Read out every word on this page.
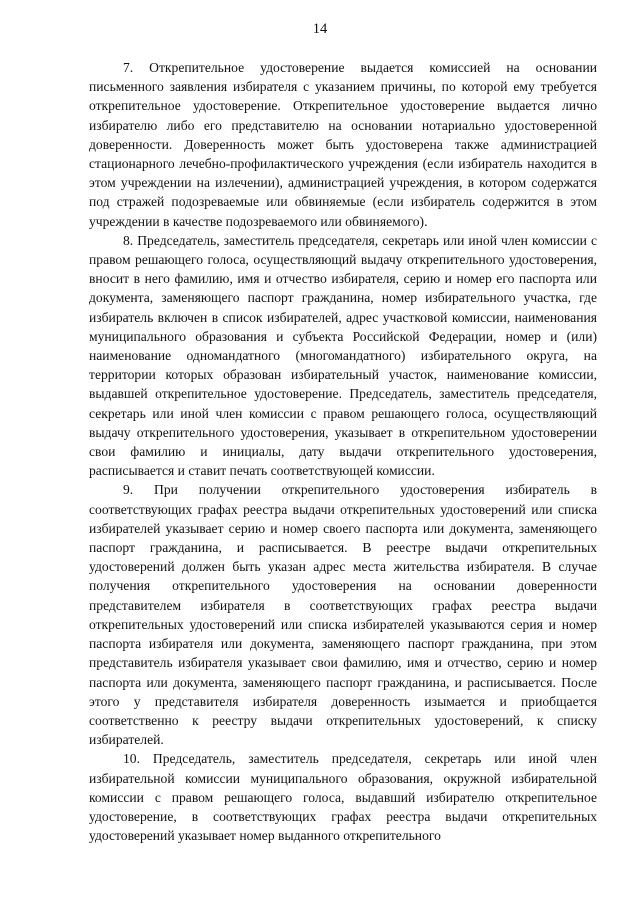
14

7. Открепительное удостоверение выдается комиссией на основании письменного заявления избирателя с указанием причины, по которой ему требуется открепительное удостоверение. Открепительное удостоверение выдается лично избирателю либо его представителю на основании нотариально удостоверенной доверенности. Доверенность может быть удостоверена также администрацией стационарного лечебно-профилактического учреждения (если избиратель находится в этом учреждении на излечении), администрацией учреждения, в котором содержатся под стражей подозреваемые или обвиняемые (если избиратель содержится в этом учреждении в качестве подозреваемого или обвиняемого).

8. Председатель, заместитель председателя, секретарь или иной член комиссии с правом решающего голоса, осуществляющий выдачу открепительного удостоверения, вносит в него фамилию, имя и отчество избирателя, серию и номер его паспорта или документа, заменяющего паспорт гражданина, номер избирательного участка, где избиратель включен в список избирателей, адрес участковой комиссии, наименования муниципального образования и субъекта Российской Федерации, номер и (или) наименование одномандатного (многомандатного) избирательного округа, на территории которых образован избирательный участок, наименование комиссии, выдавшей открепительное удостоверение. Председатель, заместитель председателя, секретарь или иной член комиссии с правом решающего голоса, осуществляющий выдачу открепительного удостоверения, указывает в открепительном удостоверении свои фамилию и инициалы, дату выдачи открепительного удостоверения, расписывается и ставит печать соответствующей комиссии.

9. При получении открепительного удостоверения избиратель в соответствующих графах реестра выдачи открепительных удостоверений или списка избирателей указывает серию и номер своего паспорта или документа, заменяющего паспорт гражданина, и расписывается. В реестре выдачи открепительных удостоверений должен быть указан адрес места жительства избирателя. В случае получения открепительного удостоверения на основании доверенности представителем избирателя в соответствующих графах реестра выдачи открепительных удостоверений или списка избирателей указываются серия и номер паспорта избирателя или документа, заменяющего паспорт гражданина, при этом представитель избирателя указывает свои фамилию, имя и отчество, серию и номер паспорта или документа, заменяющего паспорт гражданина, и расписывается. После этого у представителя избирателя доверенность изымается и приобщается соответственно к реестру выдачи открепительных удостоверений, к списку избирателей.

10. Председатель, заместитель председателя, секретарь или иной член избирательной комиссии муниципального образования, окружной избирательной комиссии с правом решающего голоса, выдавший избирателю открепительное удостоверение, в соответствующих графах реестра выдачи открепительных удостоверений указывает номер выданного открепительного
